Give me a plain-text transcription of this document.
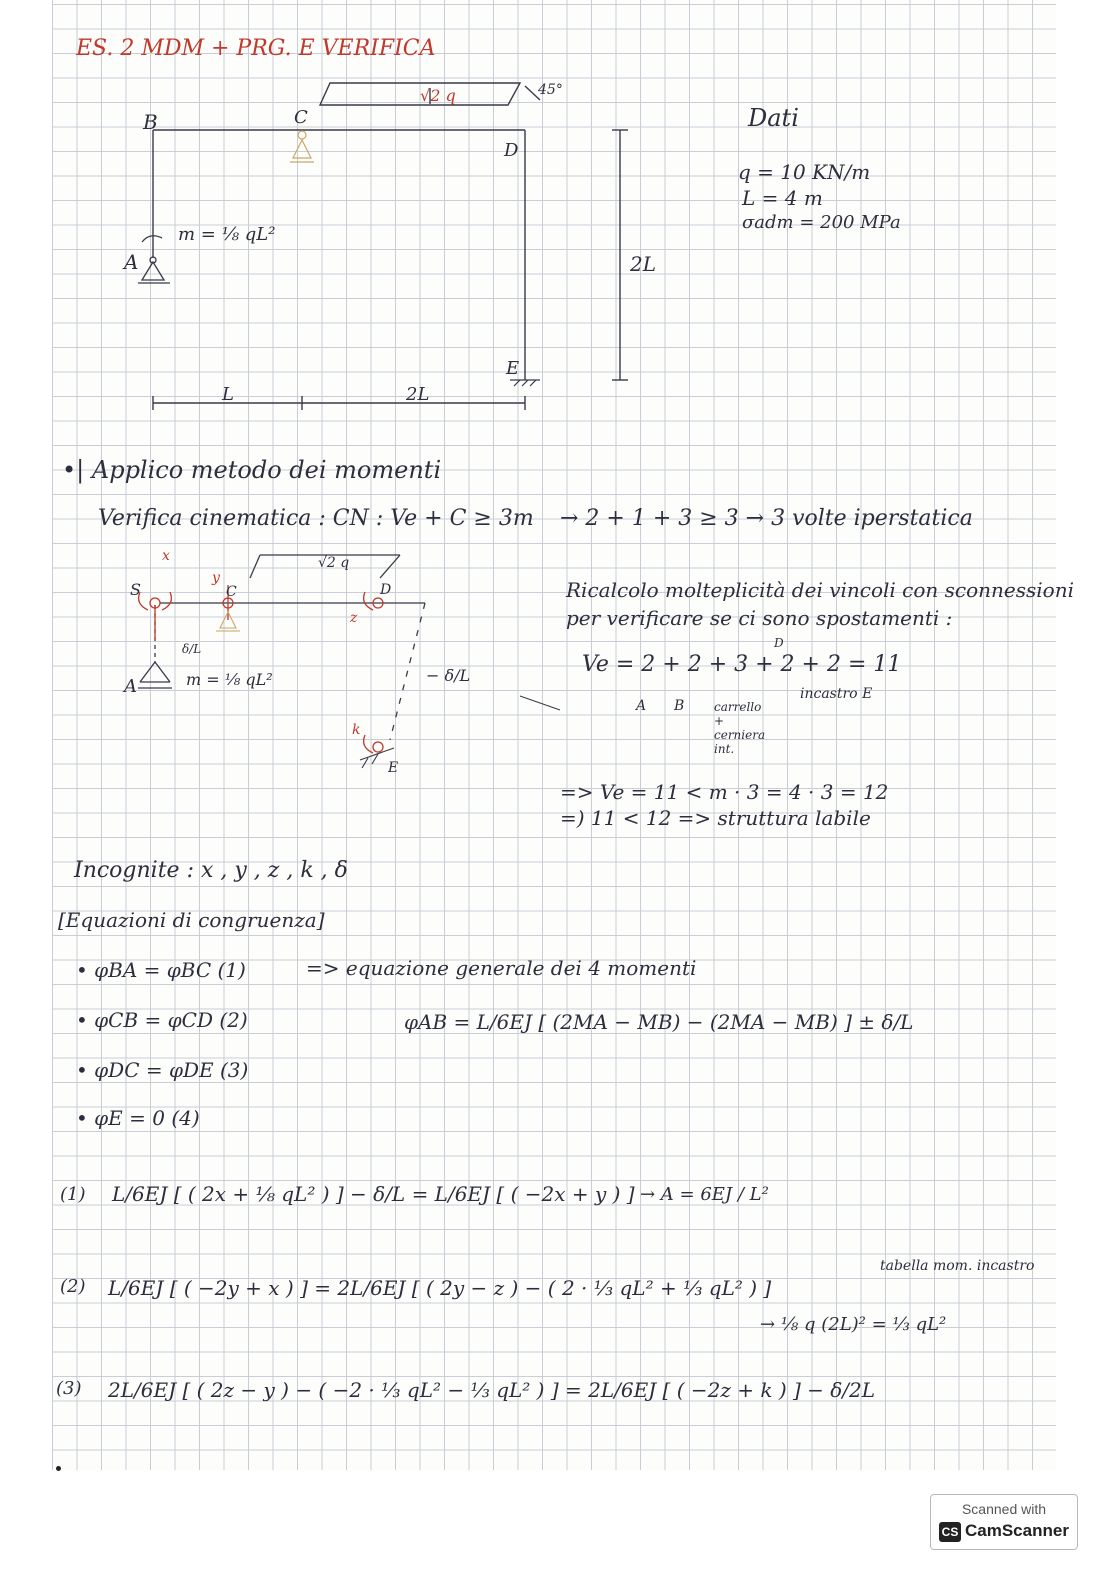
ES. 2 MDM + PRG. E VERIFICA
√2 q	45°
B	C
D
A
m = ⅛ qL²
E
2L
L	2L
Dati
q = 10 KN/m
L = 4 m
σadm = 200 MPa
•| Applico metodo dei momenti
Verifica cinematica : CN : Ve + C ≥ 3m → 2 + 1 + 3 ≥ 3 → 3 volte iperstatica
√2 q
x
y
S	C	D
z
δ/L
A	m = ⅛ qL²	− δ/L
k
E
Ricalcolo molteplicità dei vincoli con sconnessioni
per verificare se ci sono spostamenti :
D
Ve = 2 + 2 + 3 + 2 + 2 = 11
A B carrello + cerniera int.
incastro E
=> Ve = 11 < m · 3 = 4 · 3 = 12
=) 11 < 12 => struttura labile
Incognite : x , y , z , k , δ
[Equazioni di congruenza]
• φBA = φBC (1)	=> equazione generale dei 4 momenti
• φCB = φCD (2)	φAB = L/6EJ [ (2MA − MB) − (2MA − MB) ] ± δ/L
• φDC = φDE (3)
• φE = 0 (4)
(1) L/6EJ [ ( 2x + ⅛ qL² ) ] − δ/L = L/6EJ [ ( −2x + y ) ] → A = 6EJ / L²
(2) L/6EJ [ ( −2y + x ) ] = 2L/6EJ [ ( 2y − z ) − ( 2 · ⅓ qL² + ⅓ qL² ) ]
tabella mom. incastro
→ ⅛ q (2L)² = ⅓ qL²
(3) 2L/6EJ [ ( 2z − y ) − ( −2 · ⅓ qL² − ⅓ qL² ) ] = 2L/6EJ [ ( −2z + k ) ] − δ/2L
Scanned with
CS CamScanner
